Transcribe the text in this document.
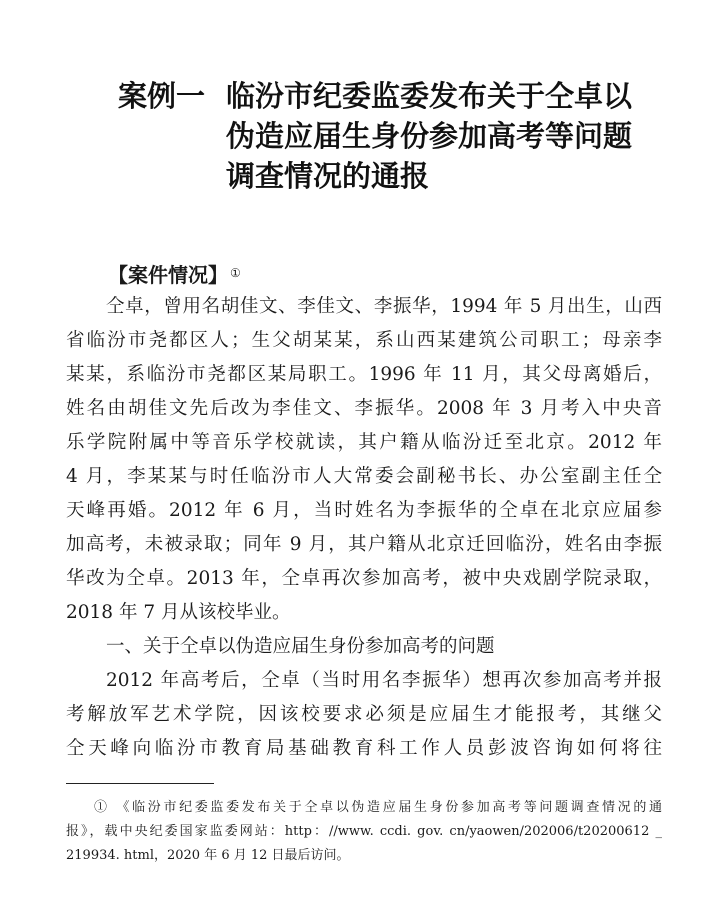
案例一 临汾市纪委监委发布关于仝卓以
伪造应届生身份参加高考等问题
调查情况的通报
【案件情况】 ①
仝卓，曾用名胡佳文、李佳文、李振华，1994 年 5 月出生，山西
省临汾市尧都区人；生父胡某某，系山西某建筑公司职工；母亲李
某某，系临汾市尧都区某局职工。1996 年 11 月，其父母离婚后，
姓名由胡佳文先后改为李佳文、李振华。2008 年 3 月考入中央音
乐学院附属中等音乐学校就读，其户籍从临汾迁至北京。2012 年
4 月，李某某与时任临汾市人大常委会副秘书长、办公室副主任仝
天峰再婚。2012 年 6 月，当时姓名为李振华的仝卓在北京应届参
加高考，未被录取；同年 9 月，其户籍从北京迁回临汾，姓名由李振
华改为仝卓。2013 年，仝卓再次参加高考，被中央戏剧学院录取，
2018 年 7 月从该校毕业。
一、关于仝卓以伪造应届生身份参加高考的问题
2012 年高考后，仝卓（当时用名李振华）想再次参加高考并报
考解放军艺术学院，因该校要求必须是应届生才能报考，其继父
仝天峰向临汾市教育局基础教育科工作人员彭波咨询如何将往
① 《临汾市纪委监委发布关于仝卓以伪造应届生身份参加高考等问题调查情况的通
报》，载中央纪委国家监委网站：http：//www. ccdi. gov. cn/yaowen/202006/t20200612 _
219934. html，2020 年 6 月 12 日最后访问。
